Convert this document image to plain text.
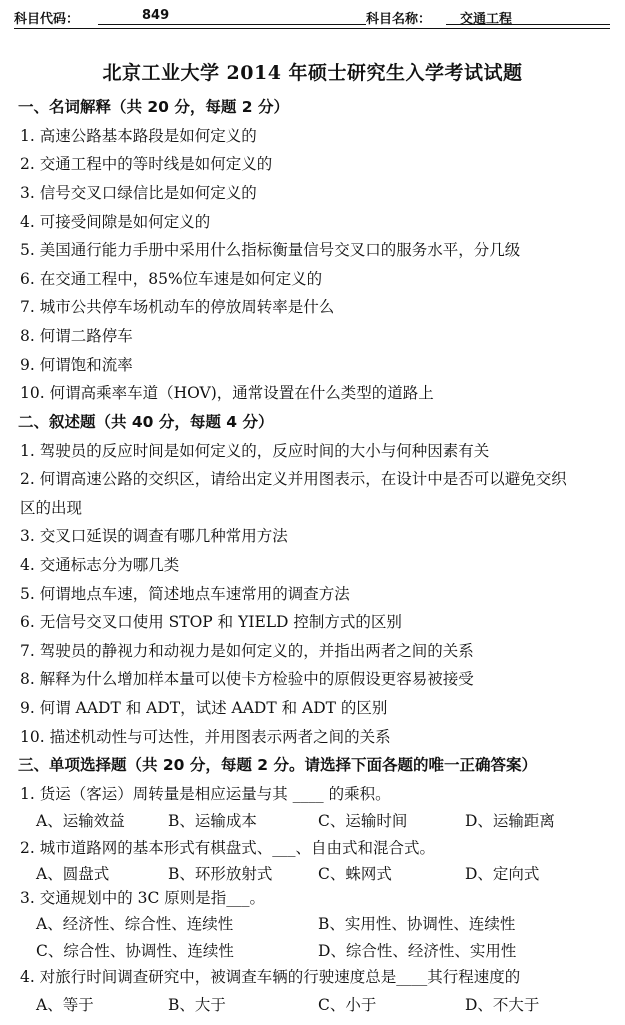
科目代码：	849	科目名称： 交通工程
北京工业大学 2014 年硕士研究生入学考试试题
一、名词解释（共 20 分，每题 2 分）
1. 高速公路基本路段是如何定义的
2. 交通工程中的等时线是如何定义的
3. 信号交叉口绿信比是如何定义的
4. 可接受间隙是如何定义的
5. 美国通行能力手册中采用什么指标衡量信号交叉口的服务水平，分几级
6. 在交通工程中，85%位车速是如何定义的
7. 城市公共停车场机动车的停放周转率是什么
8. 何谓二路停车
9. 何谓饱和流率
10. 何谓高乘率车道（HOV)，通常设置在什么类型的道路上
二、叙述题（共 40 分，每题 4 分）
1. 驾驶员的反应时间是如何定义的，反应时间的大小与何种因素有关
2. 何谓高速公路的交织区，请给出定义并用图表示，在设计中是否可以避免交织
区的出现
3. 交叉口延误的调查有哪几种常用方法
4. 交通标志分为哪几类
5. 何谓地点车速，简述地点车速常用的调查方法
6. 无信号交叉口使用 STOP 和 YIELD 控制方式的区别
7. 驾驶员的静视力和动视力是如何定义的，并指出两者之间的关系
8. 解释为什么增加样本量可以使卡方检验中的原假设更容易被接受
9. 何谓 AADT 和 ADT，试述 AADT 和 ADT 的区别
10. 描述机动性与可达性，并用图表示两者之间的关系
三、单项选择题（共 20 分，每题 2 分。请选择下面各题的唯一正确答案）
1. 货运（客运）周转量是相应运量与其 ____ 的乘积。
A、运输效益	B、运输成本	C、运输时间	D、运输距离
2. 城市道路网的基本形式有棋盘式、___、自由式和混合式。
A、圆盘式	B、环形放射式	C、蛛网式	D、定向式
3. 交通规划中的 3C 原则是指___。
A、经济性、综合性、连续性	B、实用性、协调性、连续性
C、综合性、协调性、连续性	D、综合性、经济性、实用性
4. 对旅行时间调查研究中，被调查车辆的行驶速度总是____其行程速度的
A、等于	B、大于	C、小于	D、不大于
